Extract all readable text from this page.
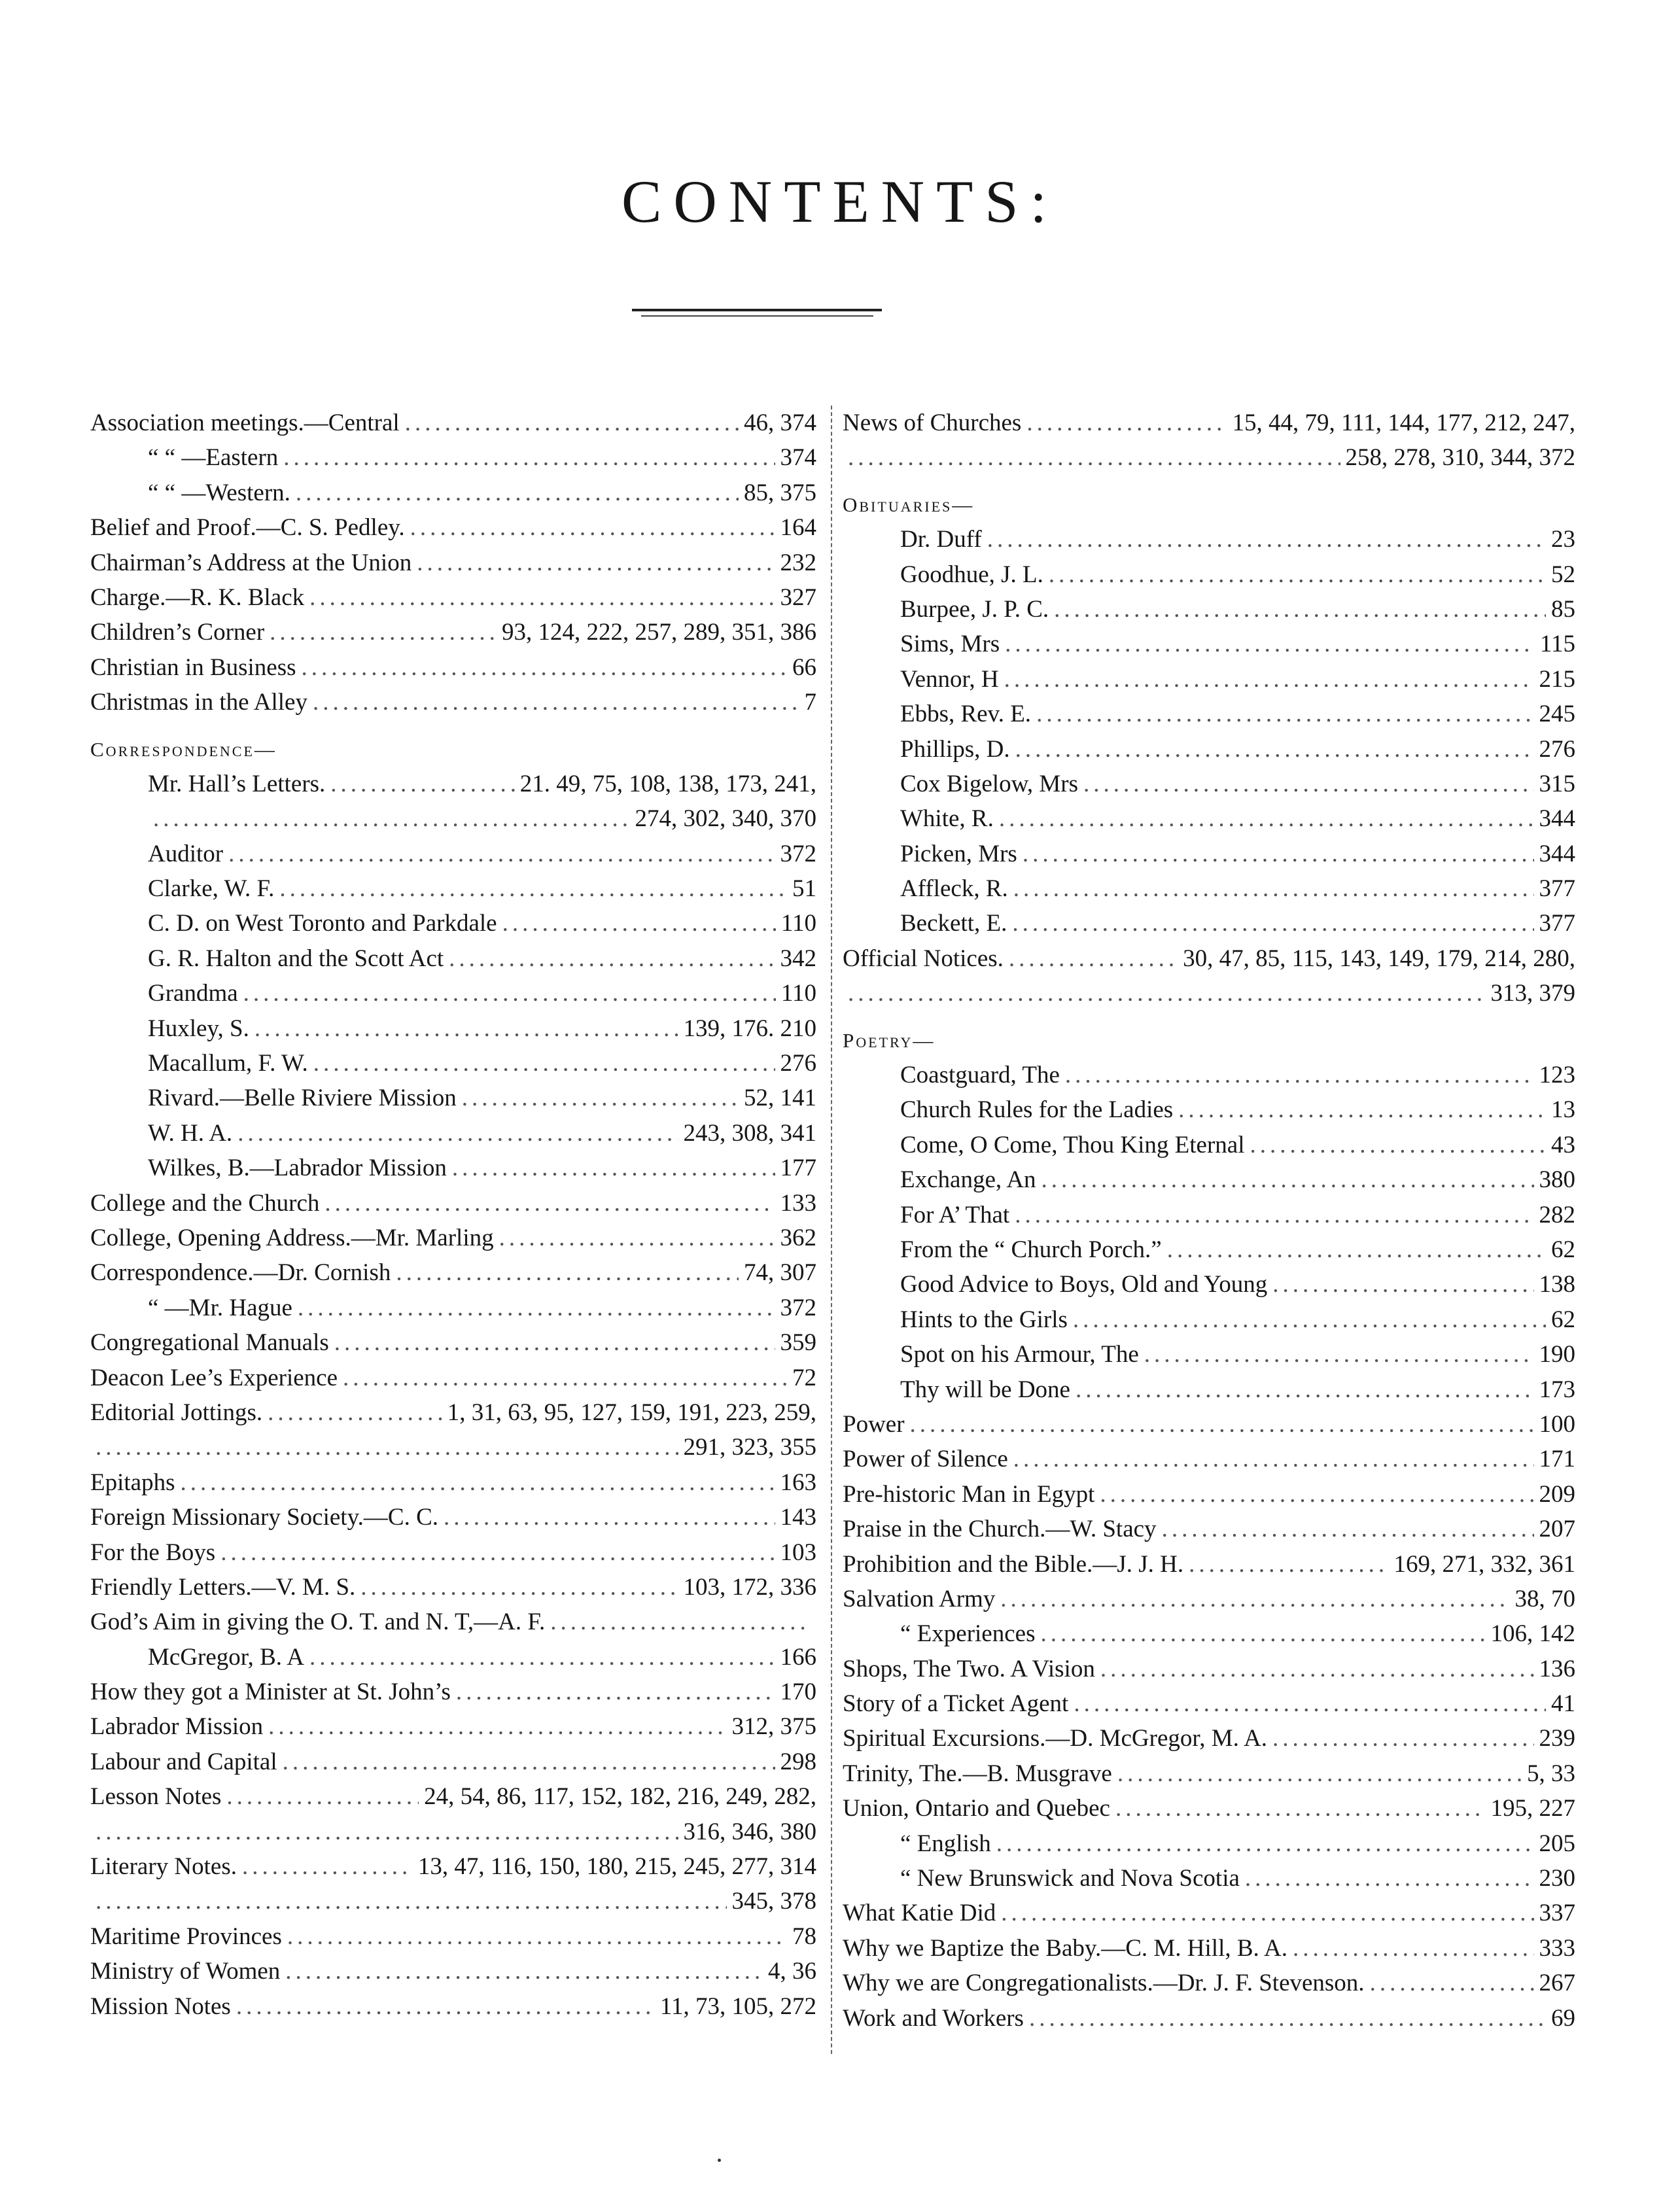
CONTENTS:
Association meetings.—Central .....	46, 374
“ “ —Eastern .....	374
“ “ —Western. .....	85, 375
Belief and Proof.—C. S. Pedley. .....	164
Chairman’s Address at the Union .....	232
Charge.—R. K. Black .....	327
Children’s Corner .....	93, 124, 222, 257, 289, 351, 386
Christian in Business .....	66
Christmas in the Alley .....	7
Correspondence—
Mr. Hall’s Letters. .....	21. 49, 75, 108, 138, 173, 241,
.....
274, 302, 340, 370
Auditor .....	372
Clarke, W. F. .....	51
C. D. on West Toronto and Parkdale .....	110
G. R. Halton and the Scott Act .....	342
Grandma .....	110
Huxley, S. .....	139, 176. 210
Macallum, F. W. .....	276
Rivard.—Belle Riviere Mission .....	52, 141
W. H. A. .....	243, 308, 341
Wilkes, B.—Labrador Mission .....	177
College and the Church .....	133
College, Opening Address.—Mr. Marling .....	362
Correspondence.—Dr. Cornish .....	74, 307
“ —Mr. Hague .....	372
Congregational Manuals .....	359
Deacon Lee’s Experience .....	72
Editorial Jottings. .....	1, 31, 63, 95, 127, 159, 191, 223, 259,
.....
291, 323, 355
Epitaphs .....	163
Foreign Missionary Society.—C. C. .....	143
For the Boys .....	103
Friendly Letters.—V. M. S. .....	103, 172, 336
God’s Aim in giving the O. T. and N. T,—A. F.
.....
McGregor, B. A .....	166
How they got a Minister at St. John’s .....	170
Labrador Mission .....	312, 375
Labour and Capital .....	298
Lesson Notes .....	24, 54, 86, 117, 152, 182, 216, 249, 282,
.....
316, 346, 380
Literary Notes. .....	13, 47, 116, 150, 180, 215, 245, 277, 314
.....
345, 378
Maritime Provinces .....	78
Ministry of Women .....	4, 36
Mission Notes .....	11, 73, 105, 272
News of Churches .....	15, 44, 79, 111, 144, 177, 212, 247,
.....
258, 278, 310, 344, 372
Obituaries—
Dr. Duff .....	23
Goodhue, J. L. .....	52
Burpee, J. P. C. .....	85
Sims, Mrs .....	115
Vennor, H .....	215
Ebbs, Rev. E. .....	245
Phillips, D. .....	276
Cox Bigelow, Mrs .....	315
White, R. .....	344
Picken, Mrs .....	344
Affleck, R. .....	377
Beckett, E. .....	377
Official Notices. .....	30, 47, 85, 115, 143, 149, 179, 214, 280,
.....
313, 379
Poetry—
Coastguard, The .....	123
Church Rules for the Ladies .....	13
Come, O Come, Thou King Eternal .....	43
Exchange, An .....	380
For A’ That .....	282
From the “ Church Porch.” .....	62
Good Advice to Boys, Old and Young .....	138
Hints to the Girls .....	62
Spot on his Armour, The .....	190
Thy will be Done .....	173
Power .....	100
Power of Silence .....	171
Pre-historic Man in Egypt .....	209
Praise in the Church.—W. Stacy .....	207
Prohibition and the Bible.—J. J. H. .....	169, 271, 332, 361
Salvation Army .....	38, 70
“ Experiences .....	106, 142
Shops, The Two. A Vision .....	136
Story of a Ticket Agent .....	41
Spiritual Excursions.—D. McGregor, M. A. .....	239
Trinity, The.—B. Musgrave .....	5, 33
Union, Ontario and Quebec .....	195, 227
“ English .....	205
“ New Brunswick and Nova Scotia .....	230
What Katie Did .....	337
Why we Baptize the Baby.—C. M. Hill, B. A. .....	333
Why we are Congregationalists.—Dr. J. F. Stevenson. .....	267
Work and Workers .....	69
